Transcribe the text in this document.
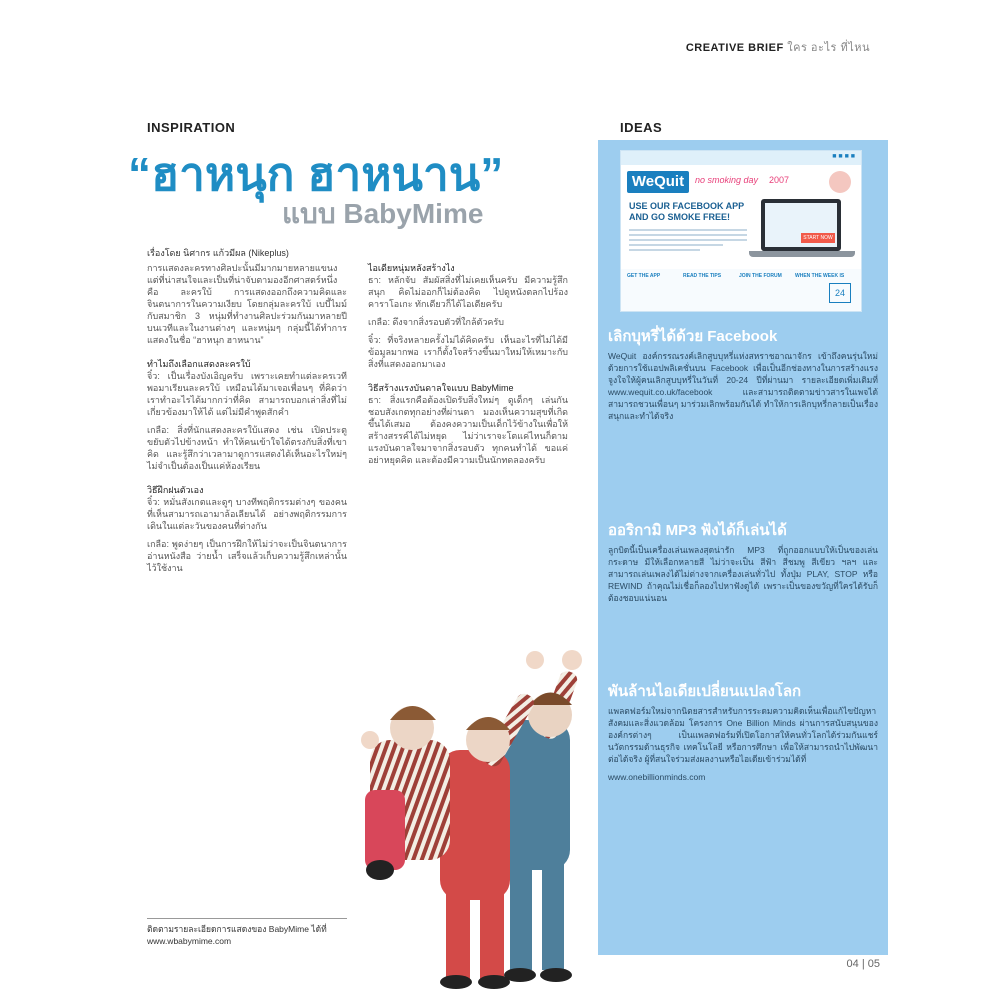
CREATIVE BRIEF ใคร อะไร ที่ไหน
INSPIRATION	IDEAS
“ฮาหนุก ฮาหนาน”
แบบ BabyMime
เรื่องโดย นิศากร แก้วมีผล (Nikeplus)

การแสดงละครทางศิลปะนั้นมีมากมายหลายแขนง แต่ที่น่าสนใจและเป็นที่น่าจับตามองอีกศาสตร์หนึ่งคือ ละครใบ้ การแสดงออกถึงความคิดและจินตนาการในความเงียบ โดยกลุ่มละครใบ้ เบบี้ไมม์ กับสมาชิก 3 หนุ่มที่ทำงานศิลปะร่วมกันมาหลายปี บนเวทีและในงานต่างๆ และหนุ่มๆ กลุ่มนี้ได้ทำการแสดงในชื่อ “ฮาหนุก ฮาหนาน”

ทำไมถึงเลือกแสดงละครใบ้

จิ๋ว: เป็นเรื่องบังเอิญครับ เพราะเคยทำแต่ละครเวที พอมาเรียนละครใบ้ เหมือนได้มาเจอเพื่อนๆ ที่คิดว่าเราทำอะไรได้มากกว่าที่คิด สามารถบอกเล่าสิ่งที่ไม่เกี่ยวข้องมาให้ได้ แต่ไม่มีคำพูดสักคำ

เกลือ: สิ่งที่นักแสดงละครใบ้แสดง เช่น เปิดประตู ขยับตัวไปข้างหน้า ทำให้คนเข้าใจได้ตรงกับสิ่งที่เขาคิด และรู้สึกว่าเวลามาดูการแสดงได้เห็นอะไรใหม่ๆ ไม่จำเป็นต้องเป็นแค่ห้องเรียน

วิธีฝึกฝนตัวเอง

จิ๋ว: หมั่นสังเกตและดูๆ บางทีพฤติกรรมต่างๆ ของคนที่เห็นสามารถเอามาล้อเลียนได้ อย่างพฤติกรรมการเดินในแต่ละวันของคนที่ต่างกัน

เกลือ: พูดง่ายๆ เป็นการฝึกให้ไม่ว่าจะเป็นจินตนาการ อ่านหนังสือ ว่ายน้ำ เสร็จแล้วเก็บความรู้สึกเหล่านั้นไว้ใช้งาน

ไอเดียหนุ่มหลังสร้างไง

ธา: หลักจับ สัมผัสสิ่งที่ไม่เคยเห็นครับ มีความรู้สึกสนุก คิดไม่ออกก็ไม่ต้องคิด ไปดูหนังตลกไปร้องคาราโอเกะ ทักเดียวก็ได้ไอเดียครับ

เกลือ: ดึงจากสิ่งรอบตัวที่ใกล้ตัวครับ

จิ๋ว: ที่จริงหลายครั้งไม่ได้คิดครับ เห็นอะไรที่ไม่ได้มีข้อมูลมากพอ เราก็ตั้งใจสร้างขึ้นมาใหม่ให้เหมาะกับสิ่งที่แสดงออกมาเอง

วิธีสร้างแรงบันดาลใจแบบ BabyMime

ธา: สิ่งแรกคือต้องเปิดรับสิ่งใหม่ๆ ดูเด็กๆ เล่นกัน ชอบสังเกตทุกอย่างที่ผ่านตา มองเห็นความสุขที่เกิดขึ้นได้เสมอ ต้องคงความเป็นเด็กไว้ข้างในเพื่อให้สร้างสรรค์ได้ไม่หยุด ไม่ว่าเราจะโตแค่ไหนก็ตาม แรงบันดาลใจมาจากสิ่งรอบตัว ทุกคนทำได้ ขอแค่อย่าหยุดคิด และต้องมีความเป็นนักทดลองครับ

ติดตามรายละเอียดการแสดงของ BabyMime ได้ที่
www.wbabymime.com
เลิกบุหรี่ได้ด้วย Facebook
WeQuit องค์กรรณรงค์เลิกสูบบุหรี่แห่งสหราชอาณาจักร เข้าถึงคนรุ่นใหม่ด้วยการใช้แอปพลิเคชั่นบน Facebook เพื่อเป็นอีกช่องทางในการสร้างแรงจูงใจให้ผู้คนเลิกสูบบุหรี่ในวันที่ 20-24 ปีที่ผ่านมา รายละเอียดเพิ่มเติมที่ www.wequit.co.uk/facebook และสามารถติดตามข่าวสารในเพจได้ สามารถชวนเพื่อนๆ มาร่วมเลิกพร้อมกันได้ ทำให้การเลิกบุหรี่กลายเป็นเรื่องสนุกและทำได้จริง
ออริกามิ MP3 ฟังได้ก็เล่นได้
ลูกบิดนี้เป็นเครื่องเล่นเพลงสุดน่ารัก MP3 ที่ถูกออกแบบให้เป็นของเล่นกระดาษ มีให้เลือกหลายสี ไม่ว่าจะเป็น สีฟ้า สีชมพู สีเขียว ฯลฯ และสามารถเล่นเพลงได้ไม่ต่างจากเครื่องเล่นทั่วไป ทั้งปุ่ม PLAY, STOP หรือ REWIND ถ้าคุณไม่เชื่อก็ลองไปหาฟังดูได้ เพราะเป็นของขวัญที่ใครได้รับก็ต้องชอบแน่นอน
พันล้านไอเดียเปลี่ยนแปลงโลก
แพลตฟอร์มใหม่จากนิตยสารสำหรับการระดมความคิดเห็นเพื่อแก้ไขปัญหาสังคมและสิ่งแวดล้อม โครงการ One Billion Minds ผ่านการสนับสนุนขององค์กรต่างๆ เป็นแพลตฟอร์มที่เปิดโอกาสให้คนทั่วโลกได้ร่วมกันแชร์นวัตกรรมด้านธุรกิจ เทคโนโลยี หรือการศึกษา เพื่อให้สามารถนำไปพัฒนาต่อได้จริง ผู้ที่สนใจร่วมส่งผลงานหรือไอเดียเข้าร่วมได้ที่
www.onebillionminds.com
■ ■ ■ ■
WeQuit	no smoking day 2007
USE OUR FACEBOOK APP AND GO SMOKE FREE!
START NOW
GET THE APP	READ THE TIPS	JOIN THE FORUM	WHEN THE WEEK IS
24
04 | 05
